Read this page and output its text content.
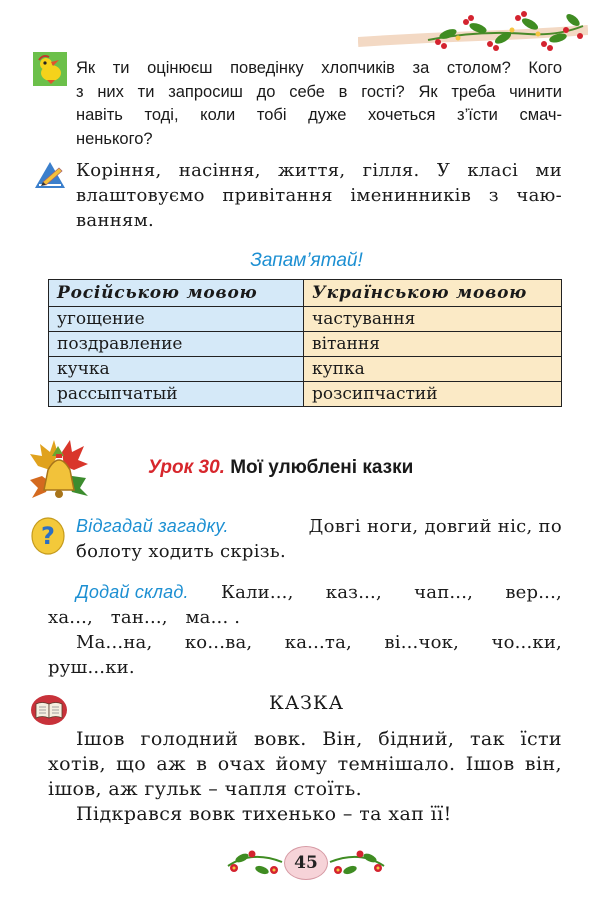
Як ти оцінюєш поведінку хлопчиків за столом? Кого
з них ти запросиш до себе в гості? Як треба чинити
навіть тоді, коли тобі дуже хочеться з’їсти смач-
ненького?
Коріння, насіння, життя, гілля. У класі ми
влаштовуємо привітання іменинників з чаю-
ванням.
Запам’ятай!
Російською мовою	Українською мовою
угощение	частування
поздравление	вітання
кучка	купка
рассыпчатый	розсипчастий
Урок 30. Мої улюблені казки
? Відгадай загадку.	Довгі ноги, довгий ніс, по
болоту ходить скрізь.
Додай склад. Кали..., каз..., чап..., вер...,
ха...,   тан...,   ма... .
Ма...на, ко...ва, ка...та, ві...чок, чо...ки,
руш...ки.
КАЗКА
Ішов голодний вовк. Він, бідний, так їсти
хотів, що аж в очах йому темнішало. Ішов він,
ішов, аж гульк – чапля стоїть.
Підкрався вовк тихенько – та хап її!
45
